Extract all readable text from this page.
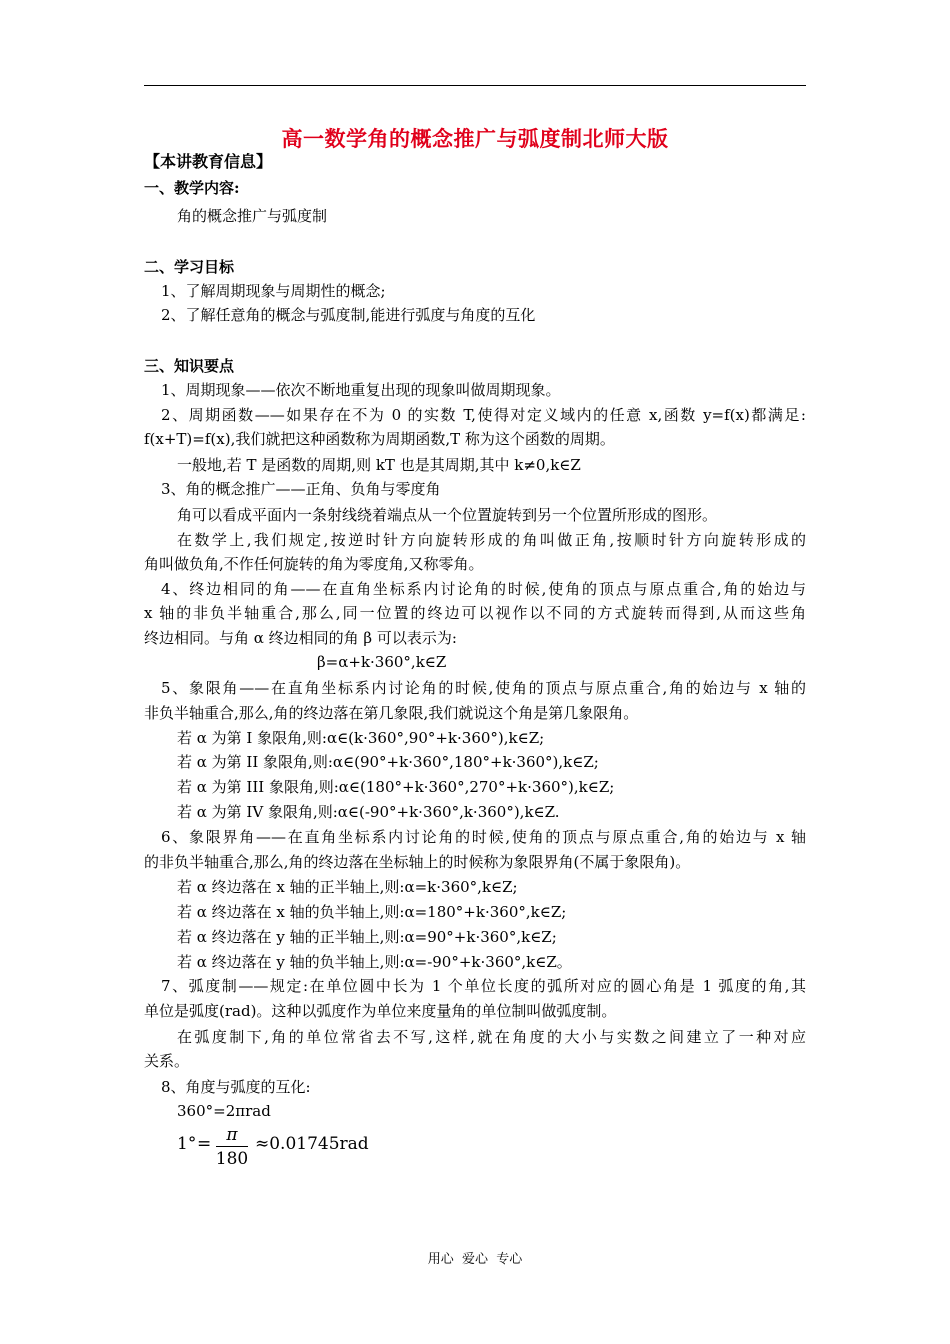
高一数学角的概念推广与弧度制北师大版
【本讲教育信息】
一、教学内容:
角的概念推广与弧度制
二、学习目标
1、了解周期现象与周期性的概念;
2、了解任意角的概念与弧度制,能进行弧度与角度的互化
三、知识要点
1、周期现象——依次不断地重复出现的现象叫做周期现象。
2、周期函数——如果存在不为 0 的实数 T,使得对定义域内的任意 x,函数 y=f(x)都满足:
f(x+T)=f(x),我们就把这种函数称为周期函数,T 称为这个函数的周期。
一般地,若 T 是函数的周期,则 kT 也是其周期,其中 k≠0,k∈Z
3、角的概念推广——正角、负角与零度角
角可以看成平面内一条射线绕着端点从一个位置旋转到另一个位置所形成的图形。
在数学上,我们规定,按逆时针方向旋转形成的角叫做正角,按顺时针方向旋转形成的
角叫做负角,不作任何旋转的角为零度角,又称零角。
4、终边相同的角——在直角坐标系内讨论角的时候,使角的顶点与原点重合,角的始边与
x 轴的非负半轴重合,那么,同一位置的终边可以视作以不同的方式旋转而得到,从而这些角
终边相同。与角 α 终边相同的角 β 可以表示为:
β=α+k·360°,k∈Z
5、象限角——在直角坐标系内讨论角的时候,使角的顶点与原点重合,角的始边与 x 轴的
非负半轴重合,那么,角的终边落在第几象限,我们就说这个角是第几象限角。
若 α 为第 I 象限角,则:α∈(k·360°,90°+k·360°),k∈Z;
若 α 为第 II 象限角,则:α∈(90°+k·360°,180°+k·360°),k∈Z;
若 α 为第 III 象限角,则:α∈(180°+k·360°,270°+k·360°),k∈Z;
若 α 为第 IV 象限角,则:α∈(-90°+k·360°,k·360°),k∈Z.
6、象限界角——在直角坐标系内讨论角的时候,使角的顶点与原点重合,角的始边与 x 轴
的非负半轴重合,那么,角的终边落在坐标轴上的时候称为象限界角(不属于象限角)。
若 α 终边落在 x 轴的正半轴上,则:α=k·360°,k∈Z;
若 α 终边落在 x 轴的负半轴上,则:α=180°+k·360°,k∈Z;
若 α 终边落在 y 轴的正半轴上,则:α=90°+k·360°,k∈Z;
若 α 终边落在 y 轴的负半轴上,则:α=-90°+k·360°,k∈Z。
7、弧度制——规定:在单位圆中长为 1 个单位长度的弧所对应的圆心角是 1 弧度的角,其
单位是弧度(rad)。这种以弧度作为单位来度量角的单位制叫做弧度制。
在弧度制下,角的单位常省去不写,这样,就在角度的大小与实数之间建立了一种对应
关系。
8、角度与弧度的互化:
360°=2πrad
1° = π
180
≈0.01745rad
用心  爱心  专心
